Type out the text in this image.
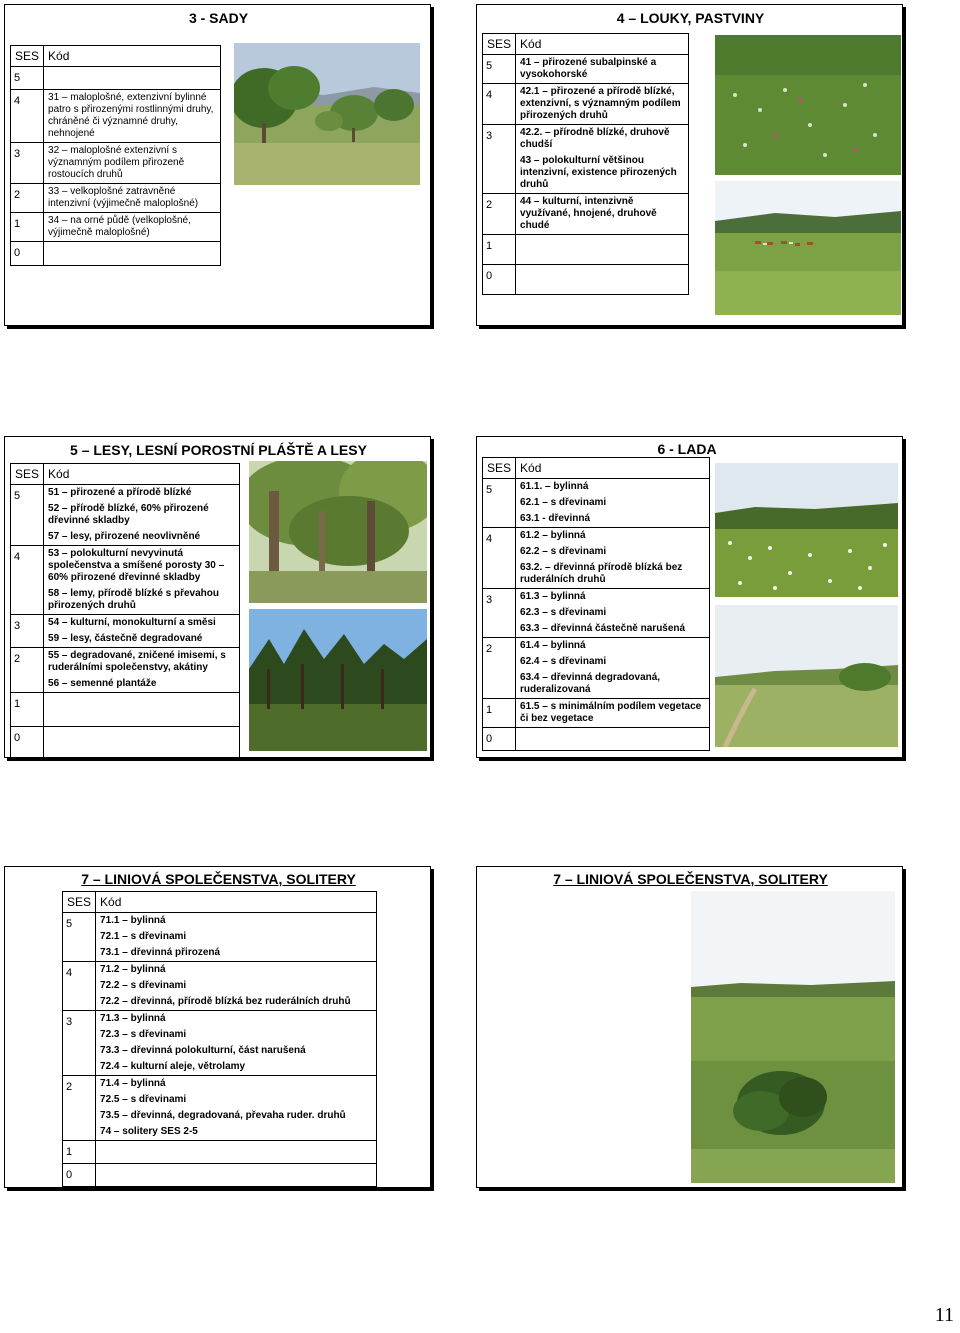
3 - SADY
SES	Kód
5	
4	31 – maloplošné, extenzivní bylinné patro s přirozenými rostlinnými druhy, chráněné či významné druhy, nehnojené

3	32 – maloplošné extenzivní s významným podílem přirozeně rostoucích druhů

2	33 – velkoplošné zatravněné intenzivní (výjimečně maloplošné)

1	34 – na orné půdě (velkoplošné, výjimečně maloplošné)

0	
4 – LOUKY, PASTVINY
SES	Kód
5	41 – přirozené subalpinské a vysokohorské

4	42.1 – přirozené a přírodě blízké, extenzivní, s významným podílem přirozených druhů

3	42.2. – přírodně blízké, druhově chudší
43 – polokulturní většinou intenzivní, existence přirozených druhů

2	44 – kulturní, intenzivně využívané, hnojené, druhově chudé

1	
0	
5 – LESY, LESNÍ POROSTNÍ PLÁŠTĚ A LESY
SES	Kód
5	51 – přirozené a přírodě blízké
52 – přírodě blízké, 60% přirozené dřevinné skladby
57 – lesy, přirozené neovlivněné

4	53 – polokulturní nevyvinutá společenstva a smíšené porosty 30 – 60% přirozené dřevinné skladby
58 – lemy, přírodě blízké s převahou přirozených druhů

3	54 – kulturní, monokulturní a směsi
59 – lesy, částečně degradované

2	55 – degradované, zničené imisemi, s ruderálními společenstvy, akátiny
56 – semenné plantáže

1	
0	
6 - LADA
SES	Kód
5	61.1. – bylinná
62.1 – s dřevinami
63.1 - dřevinná

4	61.2 – bylinná
62.2 – s dřevinami
63.2. – dřevinná přírodě blízká bez ruderálních druhů

3	61.3 – bylinná
62.3 – s dřevinami
63.3 – dřevinná částečně narušená

2	61.4 – bylinná
62.4 – s dřevinami
63.4 – dřevinná degradovaná, ruderalizovaná

1	61.5 – s minimálním podílem vegetace či bez vegetace

0	
7 – LINIOVÁ SPOLEČENSTVA, SOLITERY
SES	Kód
5	71.1 – bylinná
72.1 – s dřevinami
73.1 – dřevinná přirozená

4	71.2 – bylinná
72.2 – s dřevinami
72.2 – dřevinná, přírodě blízká bez ruderálních druhů

3	71.3 – bylinná
72.3 – s dřevinami
73.3 – dřevinná polokulturní, část narušená
72.4 – kulturní aleje, větrolamy

2	71.4 – bylinná
72.5 – s dřevinami
73.5 – dřevinná, degradovaná, převaha ruder. druhů
74 – solitery SES 2-5

1	
0	
7 – LINIOVÁ SPOLEČENSTVA, SOLITERY
11
